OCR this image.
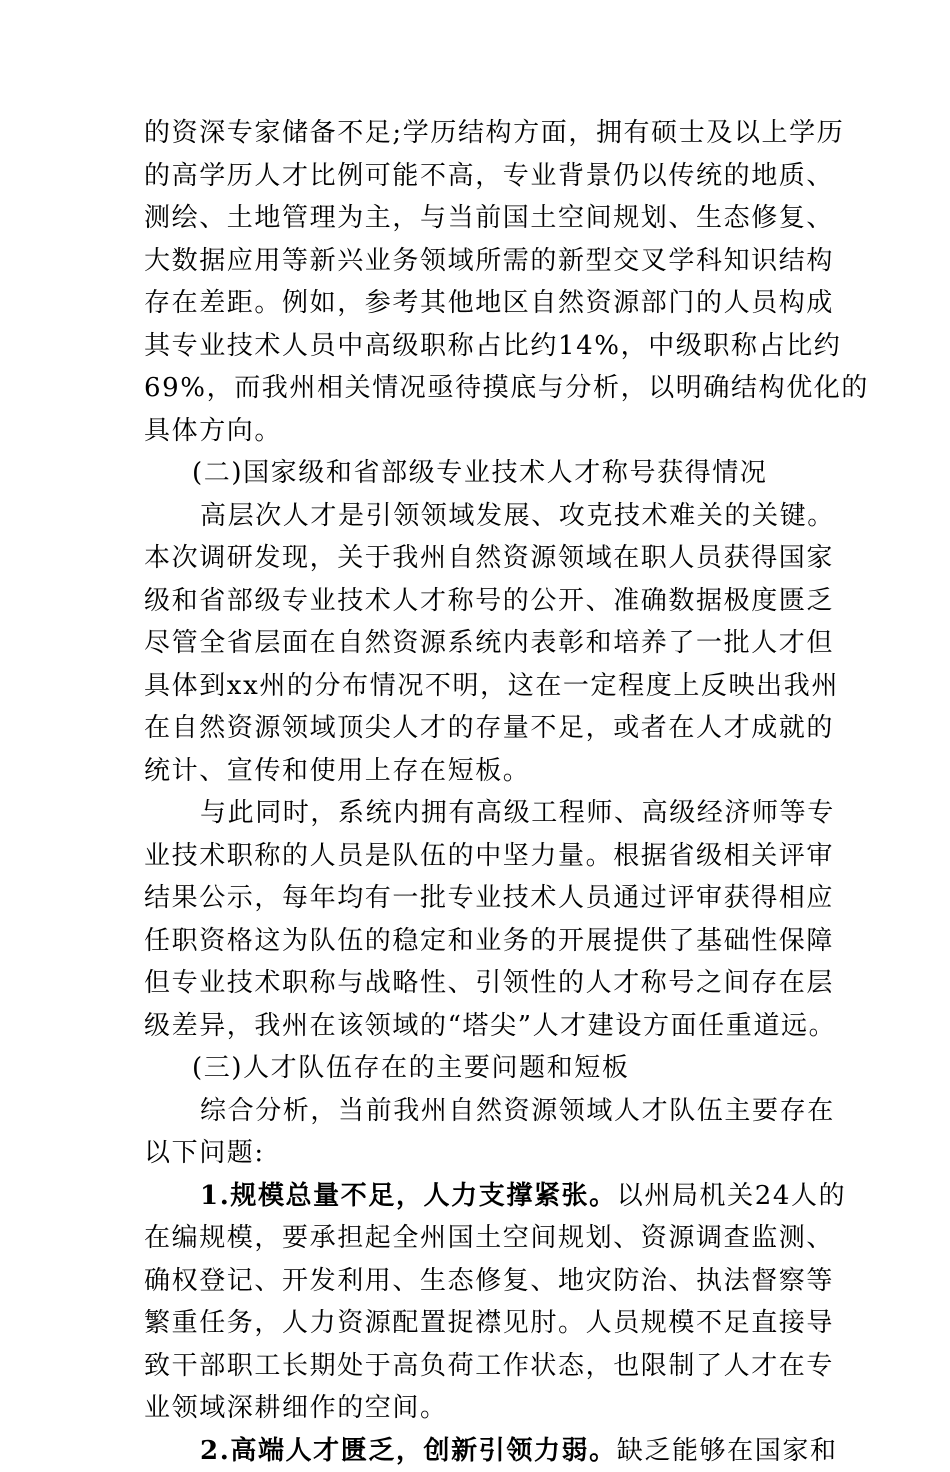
的资深专家储备不足;学历结构方面，拥有硕士及以上学历
的高学历人才比例可能不高，专业背景仍以传统的地质、
测绘、土地管理为主，与当前国土空间规划、生态修复、
大数据应用等新兴业务领域所需的新型交叉学科知识结构
存在差距。例如，参考其他地区自然资源部门的人员构成
其专业技术人员中高级职称占比约14%，中级职称占比约
69%，而我州相关情况亟待摸底与分析，以明确结构优化的
具体方向。
(二)国家级和省部级专业技术人才称号获得情况
高层次人才是引领领域发展、攻克技术难关的关键。
本次调研发现，关于我州自然资源领域在职人员获得国家
级和省部级专业技术人才称号的公开、准确数据极度匮乏
尽管全省层面在自然资源系统内表彰和培养了一批人才但
具体到xx州的分布情况不明，这在一定程度上反映出我州
在自然资源领域顶尖人才的存量不足，或者在人才成就的
统计、宣传和使用上存在短板。
与此同时，系统内拥有高级工程师、高级经济师等专
业技术职称的人员是队伍的中坚力量。根据省级相关评审
结果公示，每年均有一批专业技术人员通过评审获得相应
任职资格这为队伍的稳定和业务的开展提供了基础性保障
但专业技术职称与战略性、引领性的人才称号之间存在层
级差异，我州在该领域的“塔尖”人才建设方面任重道远。
(三)人才队伍存在的主要问题和短板
综合分析，当前我州自然资源领域人才队伍主要存在
以下问题:
1.规模总量不足，人力支撑紧张。以州局机关24人的
在编规模，要承担起全州国土空间规划、资源调查监测、
确权登记、开发利用、生态修复、地灾防治、执法督察等
繁重任务，人力资源配置捉襟见肘。人员规模不足直接导
致干部职工长期处于高负荷工作状态，也限制了人才在专
业领域深耕细作的空间。
2.高端人才匮乏，创新引领力弱。缺乏能够在国家和
